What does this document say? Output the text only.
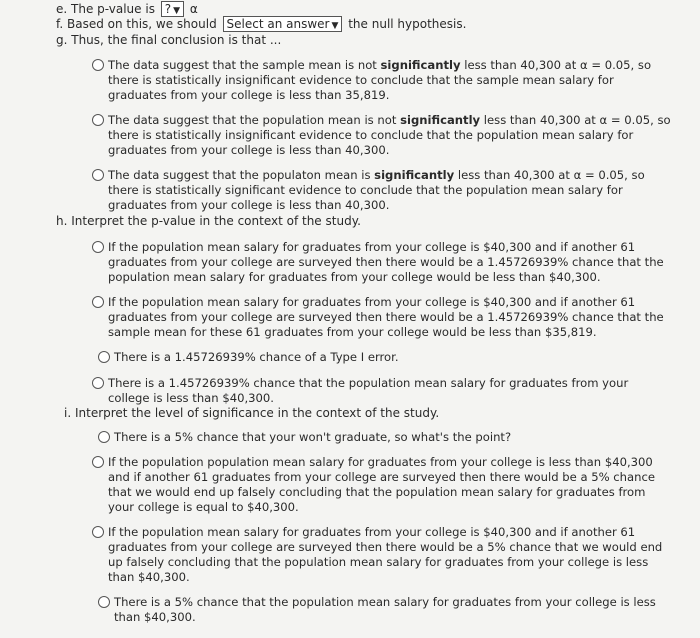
e. The p-value is ? ▼ α
f. Based on this, we should Select an answer ▼ the null hypothesis.
g. Thus, the final conclusion is that ...
The data suggest that the sample mean is not significantly less than 40,300 at α = 0.05, so
there is statistically insignificant evidence to conclude that the sample mean salary for
graduates from your college is less than 35,819.
The data suggest that the population mean is not significantly less than 40,300 at α = 0.05, so
there is statistically insignificant evidence to conclude that the population mean salary for
graduates from your college is less than 40,300.
The data suggest that the populaton mean is significantly less than 40,300 at α = 0.05, so
there is statistically significant evidence to conclude that the population mean salary for
graduates from your college is less than 40,300.
h. Interpret the p-value in the context of the study.
If the population mean salary for graduates from your college is $40,300 and if another 61
graduates from your college are surveyed then there would be a 1.45726939% chance that the
population mean salary for graduates from your college would be less than $40,300.
If the population mean salary for graduates from your college is $40,300 and if another 61
graduates from your college are surveyed then there would be a 1.45726939% chance that the
sample mean for these 61 graduates from your college would be less than $35,819.
There is a 1.45726939% chance of a Type I error.
There is a 1.45726939% chance that the population mean salary for graduates from your
college is less than $40,300.
i. Interpret the level of significance in the context of the study.
There is a 5% chance that your won't graduate, so what's the point?
If the population population mean salary for graduates from your college is less than $40,300
and if another 61 graduates from your college are surveyed then there would be a 5% chance
that we would end up falsely concluding that the population mean salary for graduates from
your college is equal to $40,300.
If the population mean salary for graduates from your college is $40,300 and if another 61
graduates from your college are surveyed then there would be a 5% chance that we would end
up falsely concluding that the population mean salary for graduates from your college is less
than $40,300.
There is a 5% chance that the population mean salary for graduates from your college is less
than $40,300.
